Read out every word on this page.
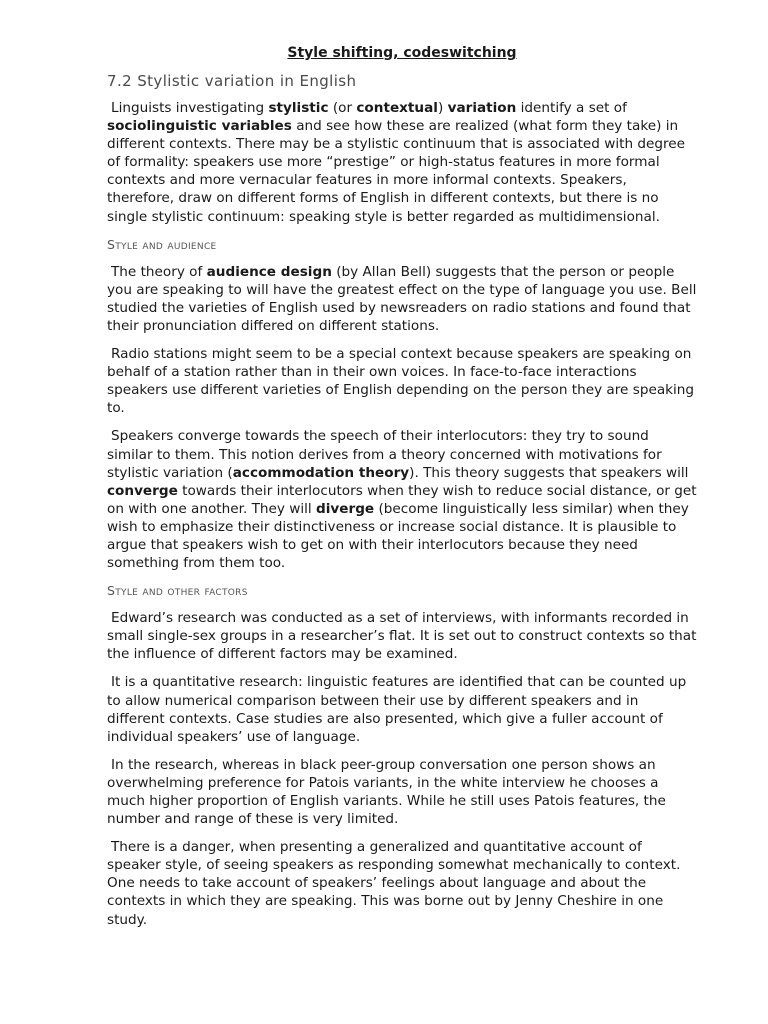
Style shifting, codeswitching
7.2 Stylistic variation in English

Linguists investigating stylistic (or contextual) variation identify a set of sociolinguistic variables and see how these are realized (what form they take) in different contexts. There may be a stylistic continuum that is associated with degree of formality: speakers use more “prestige” or high-status features in more formal contexts and more vernacular features in more informal contexts. Speakers, therefore, draw on different forms of English in different contexts, but there is no single stylistic continuum: speaking style is better regarded as multidimensional.

Style and audience

The theory of audience design (by Allan Bell) suggests that the person or people you are speaking to will have the greatest effect on the type of language you use. Bell studied the varieties of English used by newsreaders on radio stations and found that their pronunciation differed on different stations.

Radio stations might seem to be a special context because speakers are speaking on behalf of a station rather than in their own voices. In face-to-face interactions speakers use different varieties of English depending on the person they are speaking to.

Speakers converge towards the speech of their interlocutors: they try to sound similar to them. This notion derives from a theory concerned with motivations for stylistic variation (accommodation theory). This theory suggests that speakers will converge towards their interlocutors when they wish to reduce social distance, or get on with one another. They will diverge (become linguistically less similar) when they wish to emphasize their distinctiveness or increase social distance. It is plausible to argue that speakers wish to get on with their interlocutors because they need something from them too.

Style and other factors

Edward’s research was conducted as a set of interviews, with informants recorded in small single-sex groups in a researcher’s flat. It is set out to construct contexts so that the influence of different factors may be examined.

It is a quantitative research: linguistic features are identified that can be counted up to allow numerical comparison between their use by different speakers and in different contexts. Case studies are also presented, which give a fuller account of individual speakers’ use of language.

In the research, whereas in black peer-group conversation one person shows an overwhelming preference for Patois variants, in the white interview he chooses a much higher proportion of English variants. While he still uses Patois features, the number and range of these is very limited.

There is a danger, when presenting a generalized and quantitative account of speaker style, of seeing speakers as responding somewhat mechanically to context. One needs to take account of speakers’ feelings about language and about the contexts in which they are speaking. This was borne out by Jenny Cheshire in one study.
